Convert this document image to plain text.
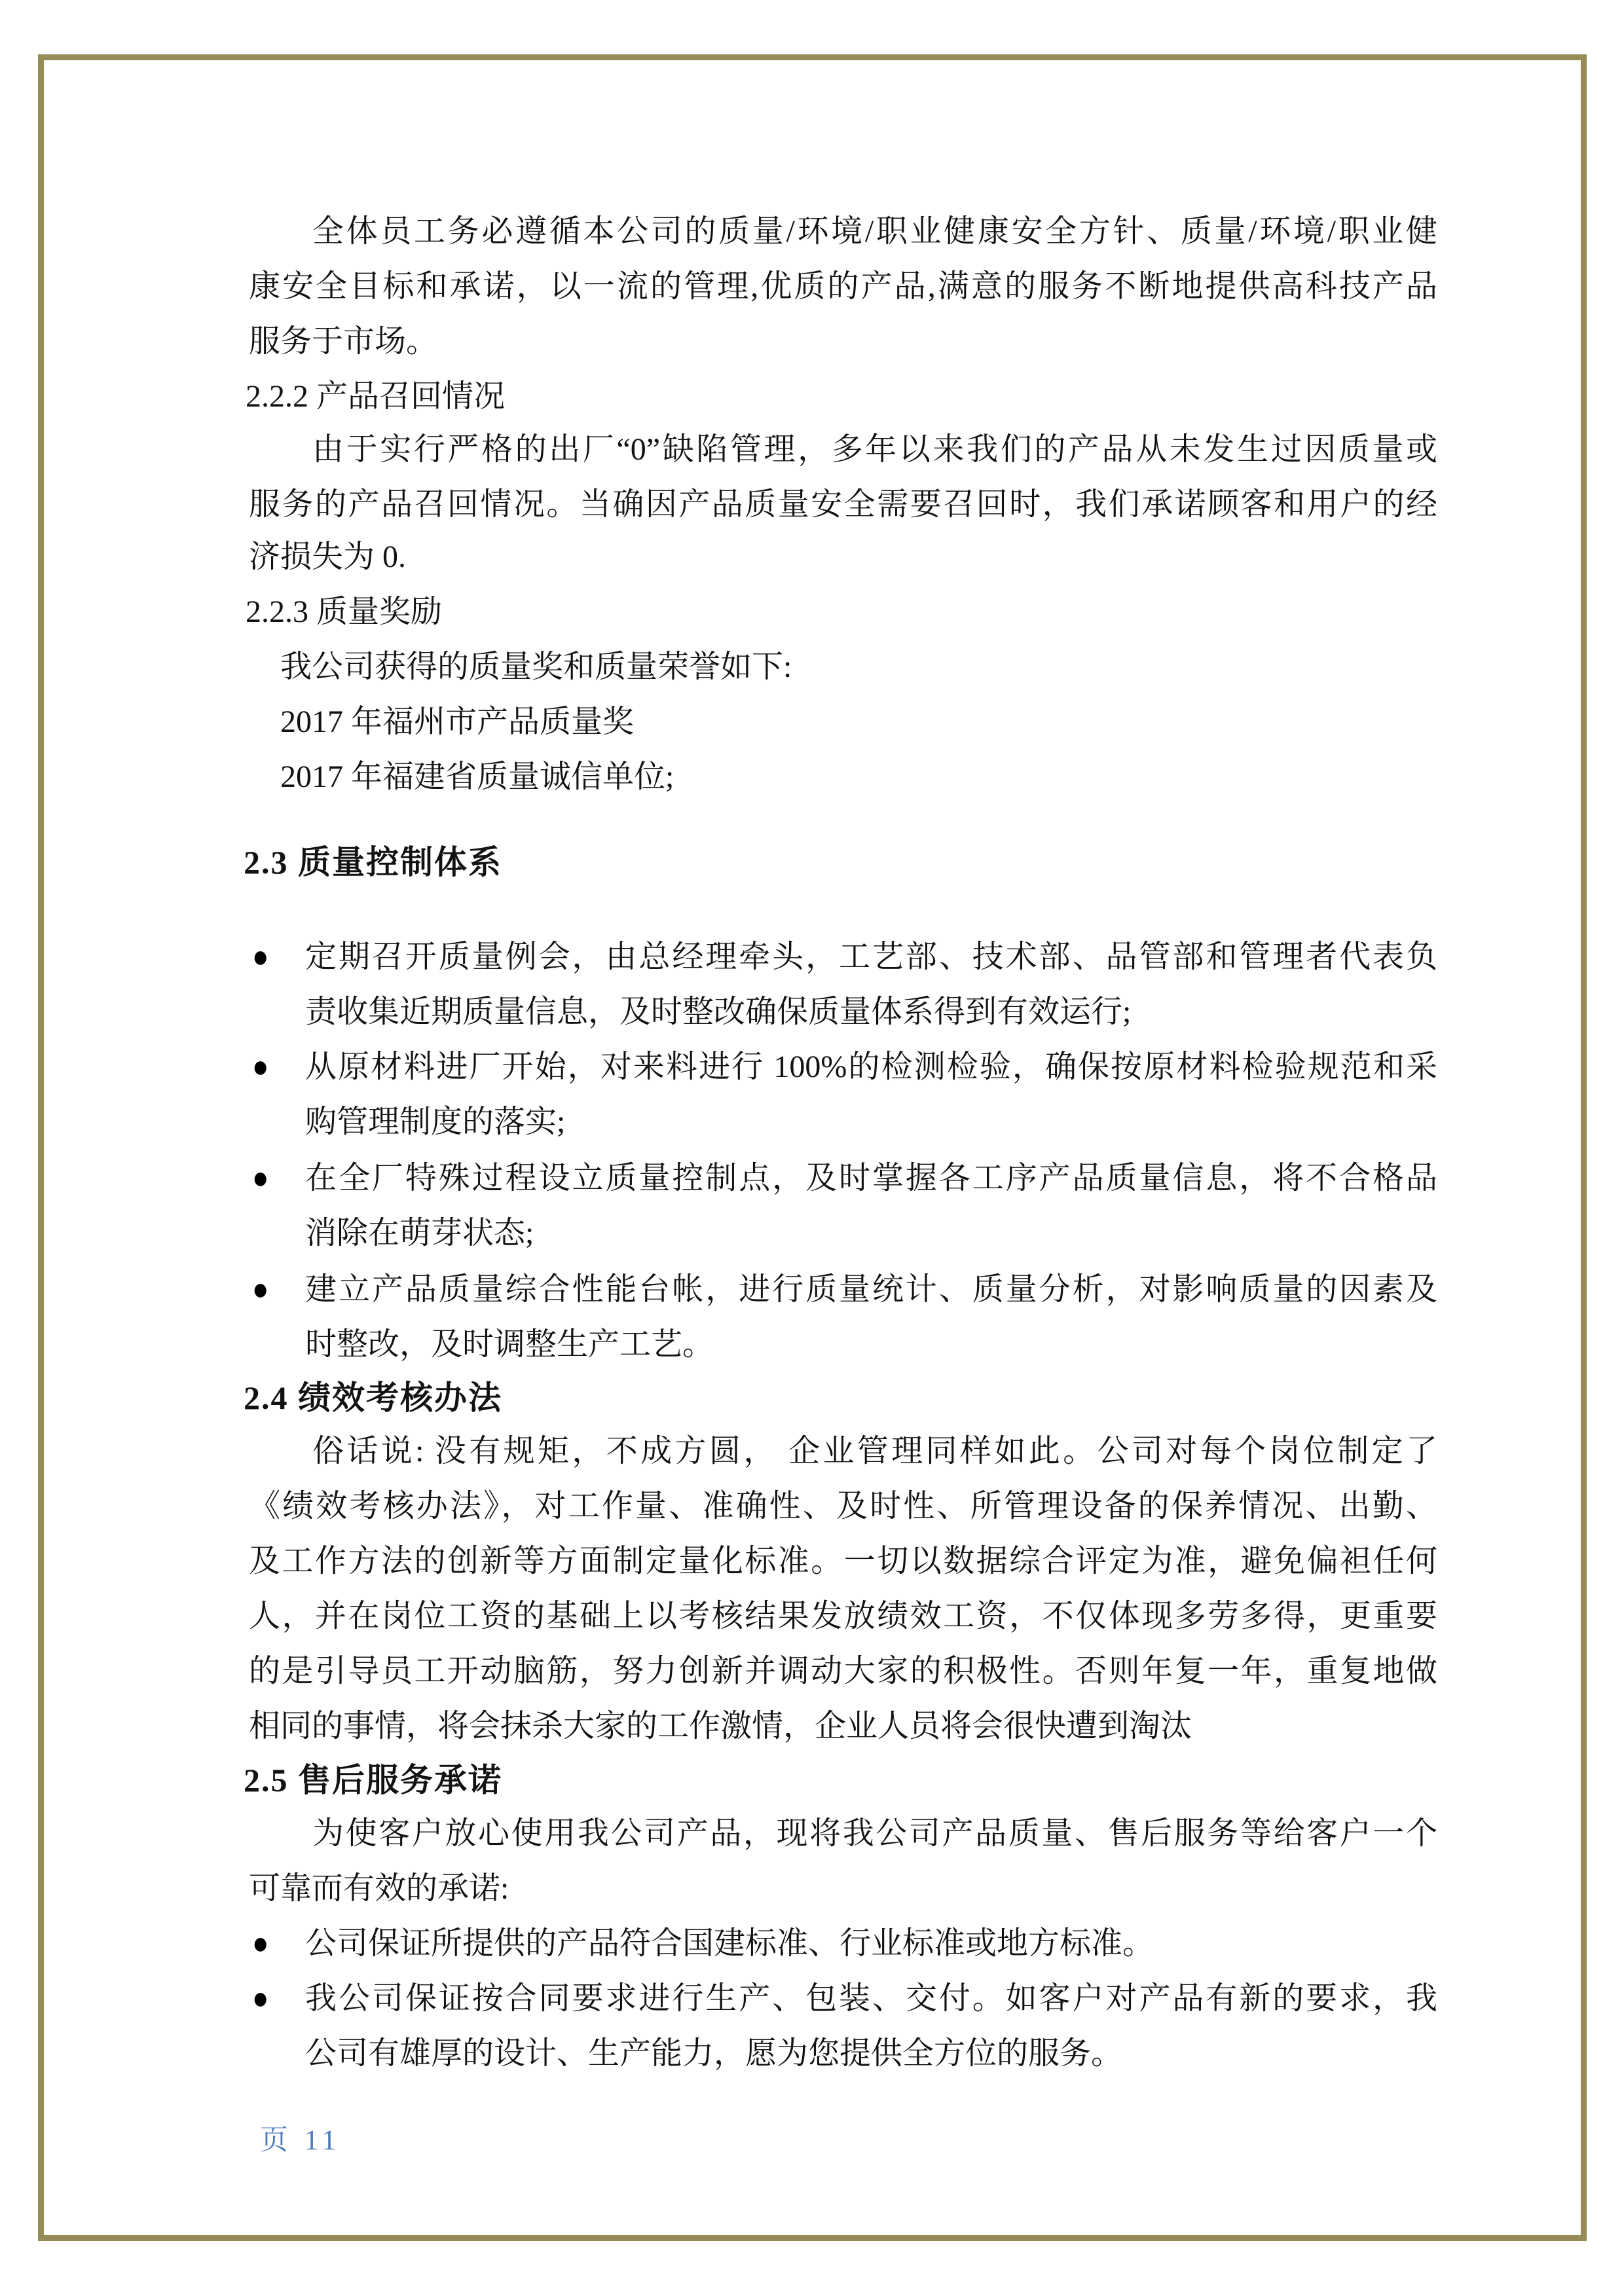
全体员工务必遵循本公司的质量/环境/职业健康安全方针、质量/环境/职业健
康安全目标和承诺，以一流的管理,优质的产品,满意的服务不断地提供高科技产品
服务于市场。
2.2.2 产品召回情况
由于实行严格的出厂“0”缺陷管理，多年以来我们的产品从未发生过因质量或
服务的产品召回情况。当确因产品质量安全需要召回时，我们承诺顾客和用户的经
济损失为 0.
2.2.3 质量奖励
我公司获得的质量奖和质量荣誉如下:
2017 年福州市产品质量奖
2017 年福建省质量诚信单位;
2.3 质量控制体系
● 定期召开质量例会，由总经理牵头，工艺部、技术部、品管部和管理者代表负
责收集近期质量信息，及时整改确保质量体系得到有效运行;
● 从原材料进厂开始，对来料进行 100%的检测检验，确保按原材料检验规范和采
购管理制度的落实;
● 在全厂特殊过程设立质量控制点，及时掌握各工序产品质量信息，将不合格品
消除在萌芽状态;
● 建立产品质量综合性能台帐，进行质量统计、质量分析，对影响质量的因素及
时整改，及时调整生产工艺。
2.4 绩效考核办法
俗话说: 没有规矩，不成方圆， 企业管理同样如此。公司对每个岗位制定了
《绩效考核办法》，对工作量、准确性、及时性、所管理设备的保养情况、出勤、
及工作方法的创新等方面制定量化标准。一切以数据综合评定为准，避免偏袒任何
人，并在岗位工资的基础上以考核结果发放绩效工资，不仅体现多劳多得，更重要
的是引导员工开动脑筋，努力创新并调动大家的积极性。否则年复一年，重复地做
相同的事情，将会抹杀大家的工作激情，企业人员将会很快遭到淘汰
2.5 售后服务承诺
为使客户放心使用我公司产品，现将我公司产品质量、售后服务等给客户一个
可靠而有效的承诺:
● 公司保证所提供的产品符合国建标准、行业标准或地方标准。
● 我公司保证按合同要求进行生产、包装、交付。如客户对产品有新的要求，我
公司有雄厚的设计、生产能力，愿为您提供全方位的服务。
页 11
